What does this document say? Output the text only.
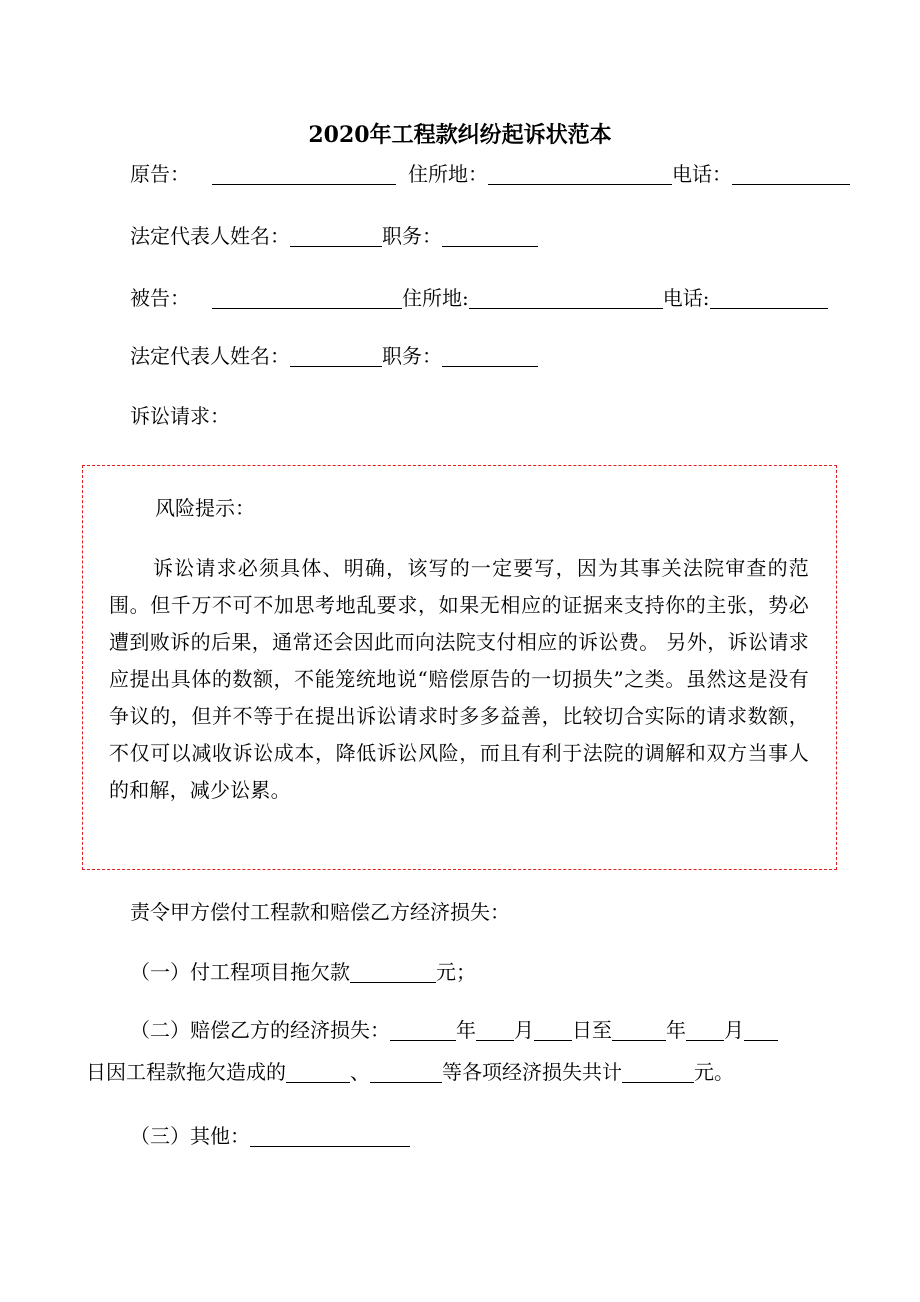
2020年工程款纠纷起诉状范本
原告：	住所地：	电话：
法定代表人姓名：	职务：
被告：	住所地:	电话:
法定代表人姓名：	职务：
诉讼请求：
风险提示：
诉讼请求必须具体、明确，该写的一定要写，因为其事关法院审查的范围。但千万不可不加思考地乱要求，如果无相应的证据来支持你的主张，势必遭到败诉的后果，通常还会因此而向法院支付相应的诉讼费。 另外，诉讼请求应提出具体的数额，不能笼统地说“赔偿原告的一切损失”之类。虽然这是没有争议的，但并不等于在提出诉讼请求时多多益善，比较切合实际的请求数额，不仅可以减收诉讼成本，降低诉讼风险，而且有利于法院的调解和双方当事人的和解，减少讼累。
责令甲方偿付工程款和赔偿乙方经济损失：
（一）付工程项目拖欠款	元；
（二）赔偿乙方的经济损失：	年 月 日至	年 月
日因工程款拖欠造成的	、	等各项经济损失共计	元。
（三）其他：
